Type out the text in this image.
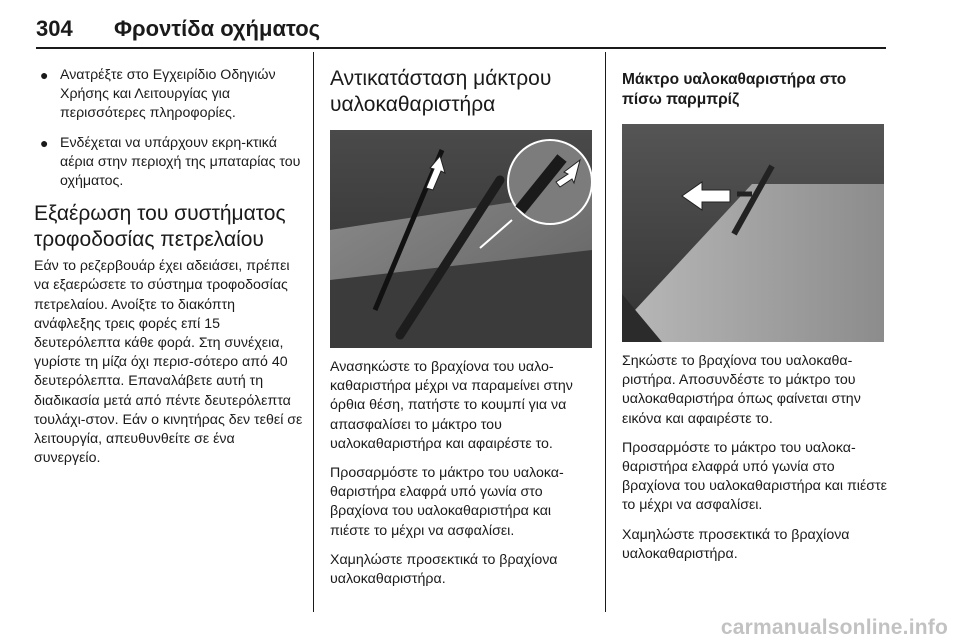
304 Φροντίδα οχήματος
● Ανατρέξτε στο Εγχειρίδιο Οδηγιών Χρήσης και Λειτουργίας για περισσότερες πληροφορίες.
● Ενδέχεται να υπάρχουν εκρη-κτικά αέρια στην περιοχή της μπαταρίας του οχήματος.
Εξαέρωση του συστήματος τροφοδοσίας πετρελαίου

Εάν το ρεζερβουάρ έχει αδειάσει, πρέπει να εξαερώσετε το σύστημα τροφοδοσίας πετρελαίου. Ανοίξτε το διακόπτη ανάφλεξης τρεις φορές επί 15 δευτερόλεπτα κάθε φορά. Στη συνέχεια, γυρίστε τη μίζα όχι περισ-σότερο από 40 δευτερόλεπτα. Επαναλάβετε αυτή τη διαδικασία μετά από πέντε δευτερόλεπτα τουλάχι-στον. Εάν ο κινητήρας δεν τεθεί σε λειτουργία, απευθυνθείτε σε ένα συνεργείο.

Αντικατάσταση μάκτρου υαλοκαθαριστήρα

Ανασηκώστε το βραχίονα του υαλο-καθαριστήρα μέχρι να παραμείνει στην όρθια θέση, πατήστε το κουμπί για να απασφαλίσει το μάκτρο του υαλοκαθαριστήρα και αφαιρέστε το.

Προσαρμόστε το μάκτρο του υαλοκα-θαριστήρα ελαφρά υπό γωνία στο βραχίονα του υαλοκαθαριστήρα και πιέστε το μέχρι να ασφαλίσει.

Χαμηλώστε προσεκτικά το βραχίονα υαλοκαθαριστήρα.

Μάκτρο υαλοκαθαριστήρα στο πίσω παρμπρίζ

Σηκώστε το βραχίονα του υαλοκαθα-ριστήρα. Αποσυνδέστε το μάκτρο του υαλοκαθαριστήρα όπως φαίνεται στην εικόνα και αφαιρέστε το.

Προσαρμόστε το μάκτρο του υαλοκα-θαριστήρα ελαφρά υπό γωνία στο βραχίονα του υαλοκαθαριστήρα και πιέστε το μέχρι να ασφαλίσει.

Χαμηλώστε προσεκτικά το βραχίονα υαλοκαθαριστήρα.

carmanualsonline.info
